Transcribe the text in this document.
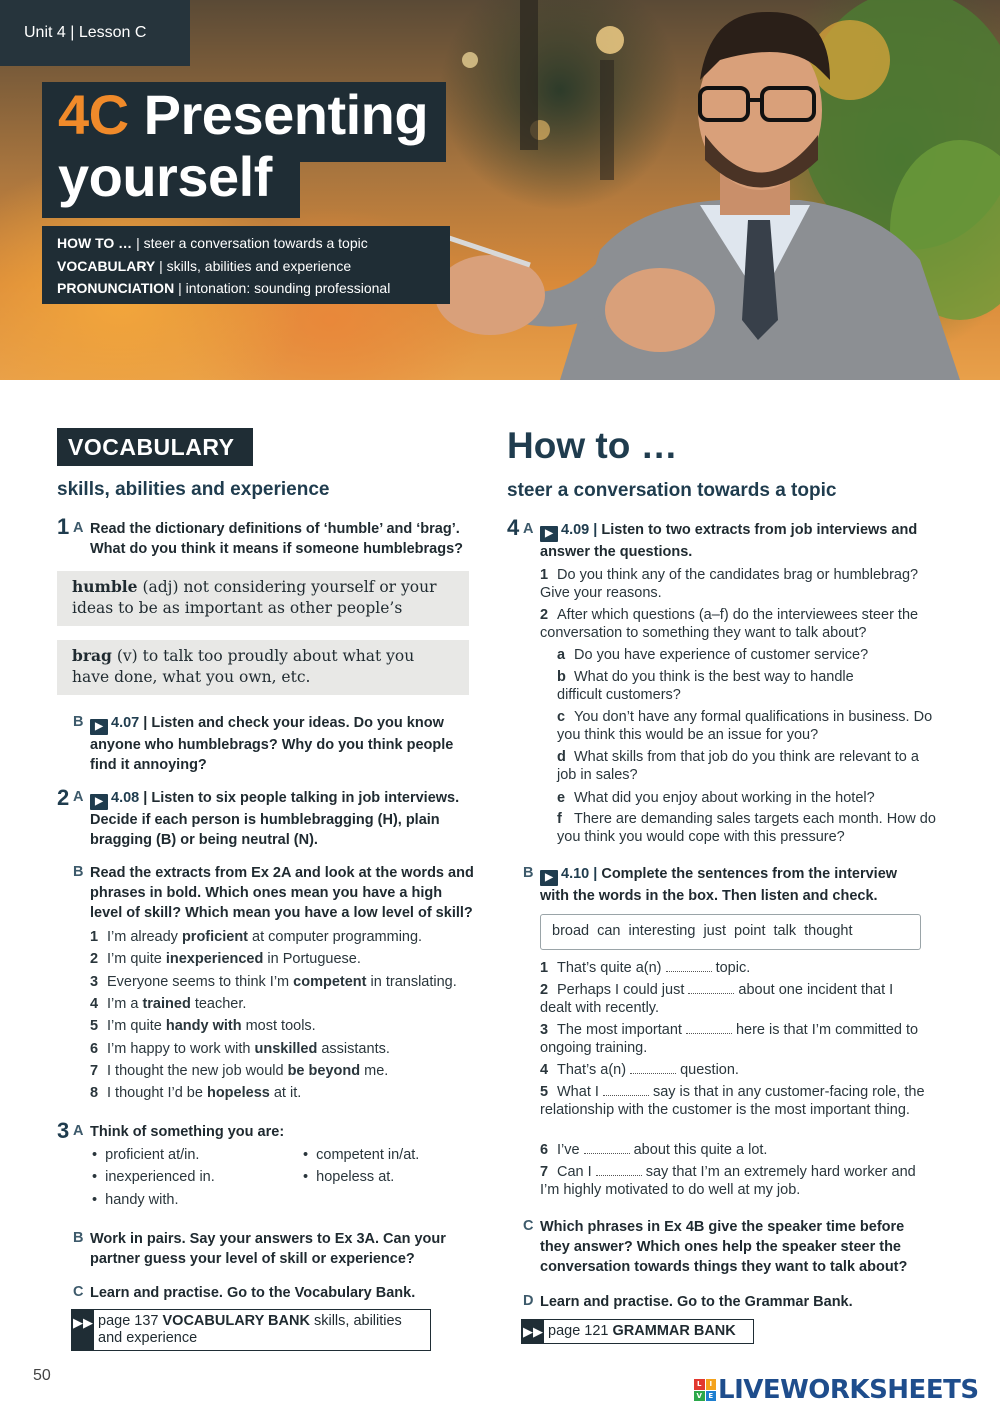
Unit 4 | Lesson C
4C Presenting
yourself
HOW TO … | steer a conversation towards a topic
VOCABULARY | skills, abilities and experience
PRONUNCIATION | intonation: sounding professional
VOCABULARY
skills, abilities and experience
1 A Read the dictionary definitions of ‘humble’ and ‘brag’. What do you think it means if someone humblebrags?
humble (adj) not considering yourself or your ideas to be as important as other people’s
brag (v) to talk too proudly about what you have done, what you own, etc.
B	▶ 4.07 | Listen and check your ideas. Do you know anyone who humblebrags? Why do you think people find it annoying?
2 A	▶ 4.08 | Listen to six people talking in job interviews. Decide if each person is humblebragging (H), plain bragging (B) or being neutral (N).
B Read the extracts from Ex 2A and look at the words and phrases in bold. Which ones mean you have a high level of skill? Which mean you have a low level of skill?
1 I’m already proficient at computer programming.
2 I’m quite inexperienced in Portuguese.
3 Everyone seems to think I’m competent in translating.
4 I’m a trained teacher.
5 I’m quite handy with most tools.
6 I’m happy to work with unskilled assistants.
7 I thought the new job would be beyond me.
8 I thought I’d be hopeless at it.
3 A Think of something you are:
•  proficient at/in.
•  inexperienced in.
•  handy with.
•  competent in/at.
•  hopeless at.
B Work in pairs. Say your answers to Ex 3A. Can your partner guess your level of skill or experience?
C Learn and practise. Go to the Vocabulary Bank.
▶▶ page 137 VOCABULARY BANK skills, abilities and experience
How to …
steer a conversation towards a topic
4 A	▶ 4.09 | Listen to two extracts from job interviews and answer the questions.
1 Do you think any of the candidates brag or humblebrag? Give your reasons.
2 After which questions (a–f) do the interviewees steer the conversation to something they want to talk about?
a Do you have experience of customer service?
b What do you think is the best way to handle difficult customers?
c You don’t have any formal qualifications in business. Do you think this would be an issue for you?
d What skills from that job do you think are relevant to a job in sales?
e What did you enjoy about working in the hotel?
f There are demanding sales targets each month. How do you think you would cope with this pressure?
B	▶ 4.10 | Complete the sentences from the interview with the words in the box. Then listen and check.
broad can interesting just point talk thought
1 That’s quite a(n)	topic.
2 Perhaps I could just	about one incident that I dealt with recently.
3 The most important	here is that I’m committed to ongoing training.
4 That’s a(n)	question.
5 What I	say is that in any customer-facing role, the relationship with the customer is the most important thing.
6 I’ve	about this quite a lot.
7 Can I	say that I’m an extremely hard worker and I’m highly motivated to do well at my job.
C Which phrases in Ex 4B give the speaker time before they answer? Which ones help the speaker steer the conversation towards things they want to talk about?
D Learn and practise. Go to the Grammar Bank.
▶▶ page 121 GRAMMAR BANK
50	L	I
V E LIVEWORKSHEETS
